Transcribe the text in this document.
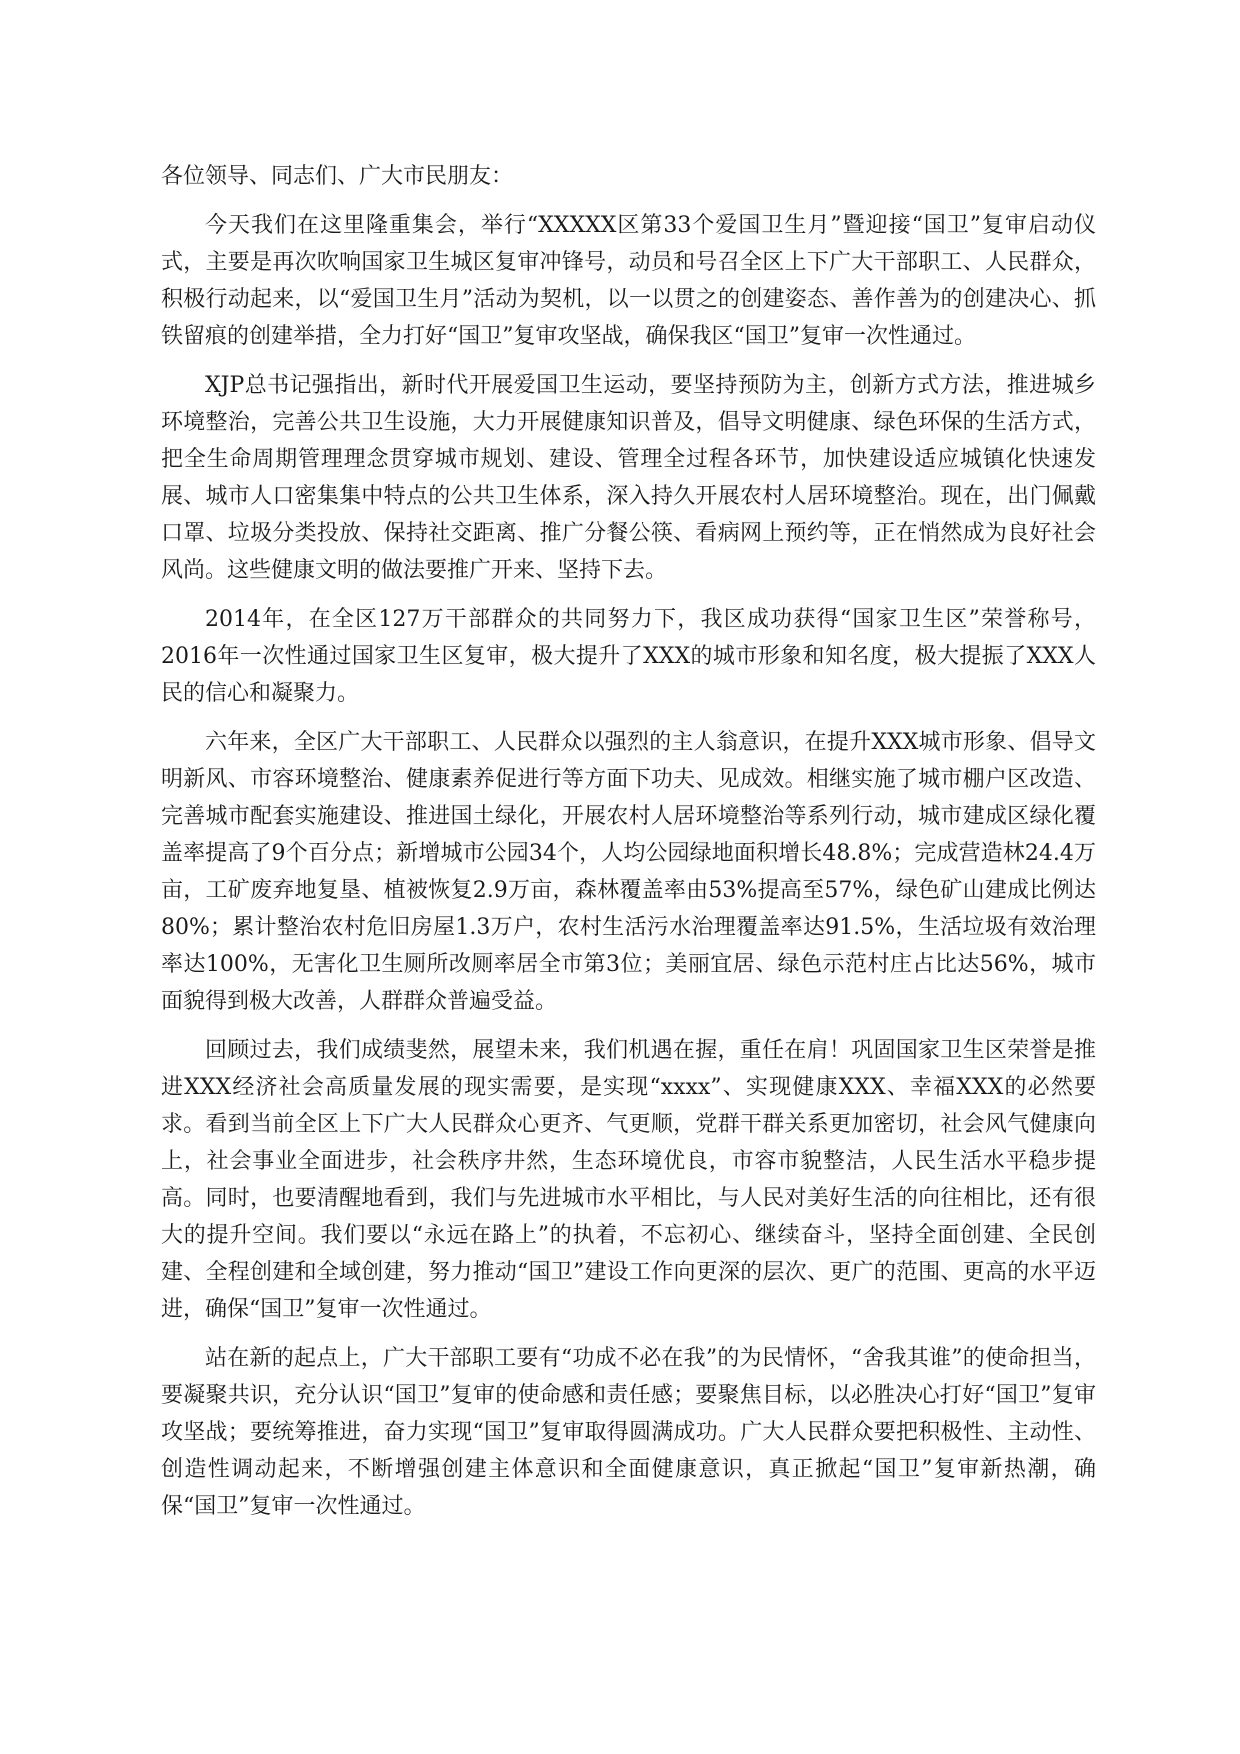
各位领导、同志们、广大市民朋友：

今天我们在这里隆重集会，举行“XXXXX区第33个爱国卫生月”暨迎接“国卫”复审启动仪式，主要是再次吹响国家卫生城区复审冲锋号，动员和号召全区上下广大干部职工、人民群众，积极行动起来，以“爱国卫生月”活动为契机，以一以贯之的创建姿态、善作善为的创建决心、抓铁留痕的创建举措，全力打好“国卫”复审攻坚战，确保我区“国卫”复审一次性通过。

XJP总书记强指出，新时代开展爱国卫生运动，要坚持预防为主，创新方式方法，推进城乡环境整治，完善公共卫生设施，大力开展健康知识普及，倡导文明健康、绿色环保的生活方式，把全生命周期管理理念贯穿城市规划、建设、管理全过程各环节，加快建设适应城镇化快速发展、城市人口密集集中特点的公共卫生体系，深入持久开展农村人居环境整治。现在，出门佩戴口罩、垃圾分类投放、保持社交距离、推广分餐公筷、看病网上预约等，正在悄然成为良好社会风尚。这些健康文明的做法要推广开来、坚持下去。

2014年，在全区127万干部群众的共同努力下，我区成功获得“国家卫生区”荣誉称号，2016年一次性通过国家卫生区复审，极大提升了XXX的城市形象和知名度，极大提振了XXX人民的信心和凝聚力。

六年来，全区广大干部职工、人民群众以强烈的主人翁意识，在提升XXX城市形象、倡导文明新风、市容环境整治、健康素养促进行等方面下功夫、见成效。相继实施了城市棚户区改造、完善城市配套实施建设、推进国土绿化，开展农村人居环境整治等系列行动，城市建成区绿化覆盖率提高了9个百分点；新增城市公园34个，人均公园绿地面积增长48.8%；完成营造林24.4万亩，工矿废弃地复垦、植被恢复2.9万亩，森林覆盖率由53%提高至57%，绿色矿山建成比例达80%；累计整治农村危旧房屋1.3万户，农村生活污水治理覆盖率达91.5%，生活垃圾有效治理率达100%，无害化卫生厕所改厕率居全市第3位；美丽宜居、绿色示范村庄占比达56%，城市面貌得到极大改善，人群群众普遍受益。

回顾过去，我们成绩斐然，展望未来，我们机遇在握，重任在肩！巩固国家卫生区荣誉是推进XXX经济社会高质量发展的现实需要，是实现“xxxx”、实现健康XXX、幸福XXX的必然要求。看到当前全区上下广大人民群众心更齐、气更顺，党群干群关系更加密切，社会风气健康向上，社会事业全面进步，社会秩序井然，生态环境优良，市容市貌整洁，人民生活水平稳步提高。同时，也要清醒地看到，我们与先进城市水平相比，与人民对美好生活的向往相比，还有很大的提升空间。我们要以“永远在路上”的执着，不忘初心、继续奋斗，坚持全面创建、全民创建、全程创建和全域创建，努力推动“国卫”建设工作向更深的层次、更广的范围、更高的水平迈进，确保“国卫”复审一次性通过。

站在新的起点上，广大干部职工要有“功成不必在我”的为民情怀，“舍我其谁”的使命担当，要凝聚共识，充分认识“国卫”复审的使命感和责任感；要聚焦目标，以必胜决心打好“国卫”复审攻坚战；要统筹推进，奋力实现“国卫”复审取得圆满成功。广大人民群众要把积极性、主动性、创造性调动起来，不断增强创建主体意识和全面健康意识，真正掀起“国卫”复审新热潮，确保“国卫”复审一次性通过。
